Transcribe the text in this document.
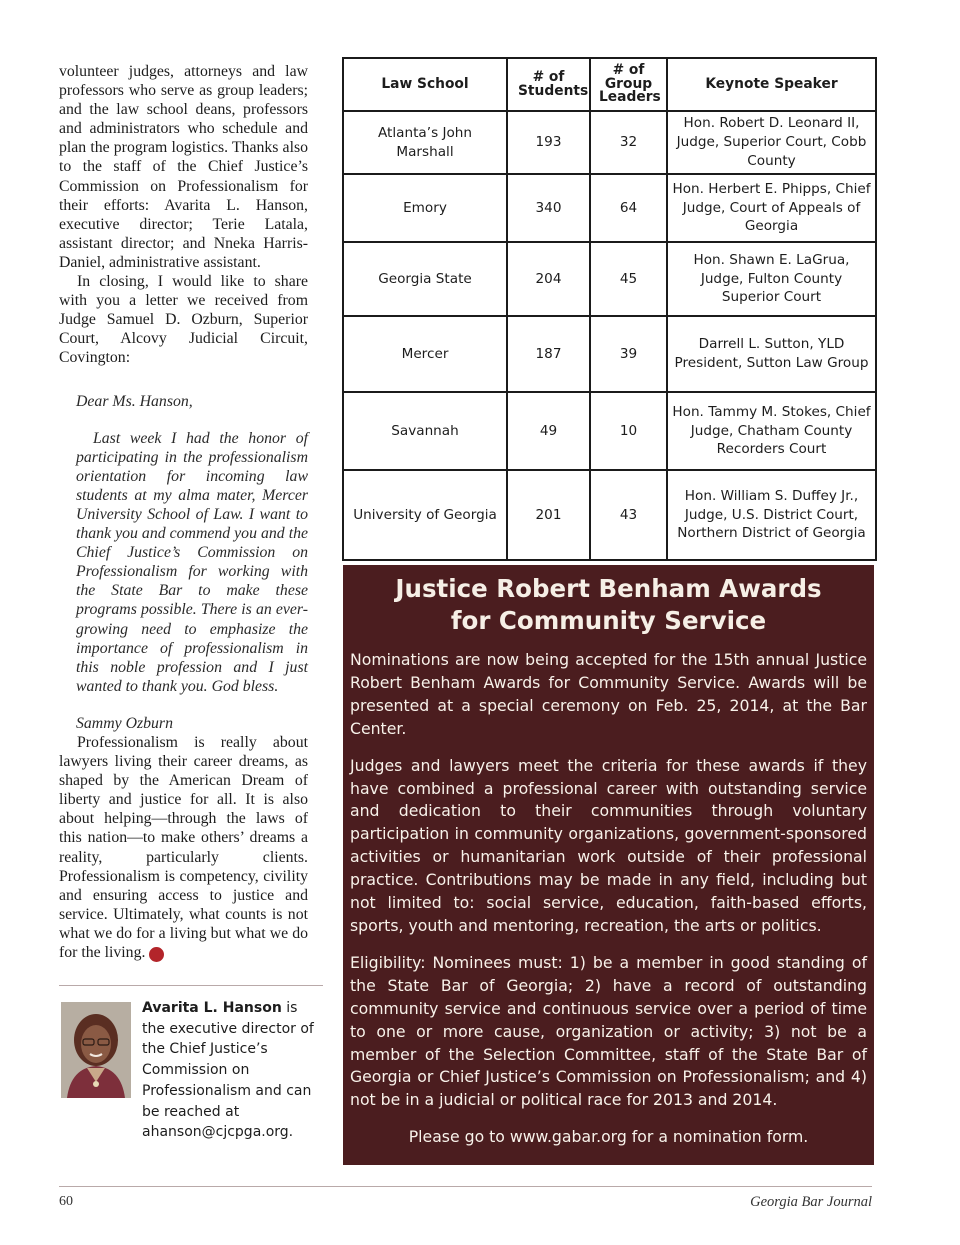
volunteer judges, attorneys and law professors who serve as group leaders; and the law school deans, professors and administrators who schedule and plan the program logistics. Thanks also to the staff of the Chief Justice’s Commission on Professionalism for their efforts: Avarita L. Hanson, executive director; Terie Latala, assistant director; and Nneka Harris-Daniel, administrative assistant.

In closing, I would like to share with you a letter we received from Judge Samuel D. Ozburn, Superior Court, Alcovy Judicial Circuit, Covington:

Dear Ms. Hanson,

Last week I had the honor of participating in the professionalism orientation for incoming law students at my alma mater, Mercer University School of Law. I want to thank you and commend you and the Chief Justice’s Commission on Professionalism for working with the State Bar to make these programs possible. There is an ever-growing need to emphasize the importance of professionalism in this noble profession and I just wanted to thank you. God bless.

Sammy Ozburn

Professionalism is really about lawyers living their career dreams, as shaped by the American Dream of liberty and justice for all. It is also about helping—through the laws of this nation—to make others’ dreams a reality, particularly clients. Professionalism is competency, civility and ensuring access to justice and service. Ultimately, what counts is not what we do for a living but what we do for the living.	GBJ

Avarita L. Hanson is the executive director of the Chief Justice’s Commission on Professionalism and can be reached at ahanson@cjcpga.org.
Law School	# of Students	# of Group Leaders	Keynote Speaker
Atlanta’s John Marshall	193	32	Hon. Robert D. Leonard II, Judge, Superior Court, Cobb County
Emory	340	64	Hon. Herbert E. Phipps, Chief Judge, Court of Appeals of Georgia
Georgia State	204	45	Hon. Shawn E. LaGrua, Judge, Fulton County Superior Court
Mercer	187	39	Darrell L. Sutton, YLD President, Sutton Law Group
Savannah	49	10	Hon. Tammy M. Stokes, Chief Judge, Chatham County Recorders Court
University of Georgia	201	43	Hon. William S. Duffey Jr., Judge, U.S. District Court, Northern District of Georgia
Justice Robert Benham Awards
for Community Service

Nominations are now being accepted for the 15th annual Justice Robert Benham Awards for Community Service. Awards will be presented at a special ceremony on Feb. 25, 2014, at the Bar Center.

Judges and lawyers meet the criteria for these awards if they have combined a professional career with outstanding service and dedication to their communities through voluntary participation in community organizations, government-sponsored activities or humanitarian work outside of their professional practice. Contributions may be made in any field, including but not limited to: social service, education, faith-based efforts, sports, youth and mentoring, recreation, the arts or politics.

Eligibility: Nominees must: 1) be a member in good standing of the State Bar of Georgia; 2) have a record of outstanding community service and continuous service over a period of time to one or more cause, organization or activity; 3) not be a member of the Selection Committee, staff of the State Bar of Georgia or Chief Justice’s Commission on Professionalism; and 4) not be in a judicial or political race for 2013 and 2014.

Please go to www.gabar.org for a nomination form.

60	Georgia Bar Journal
